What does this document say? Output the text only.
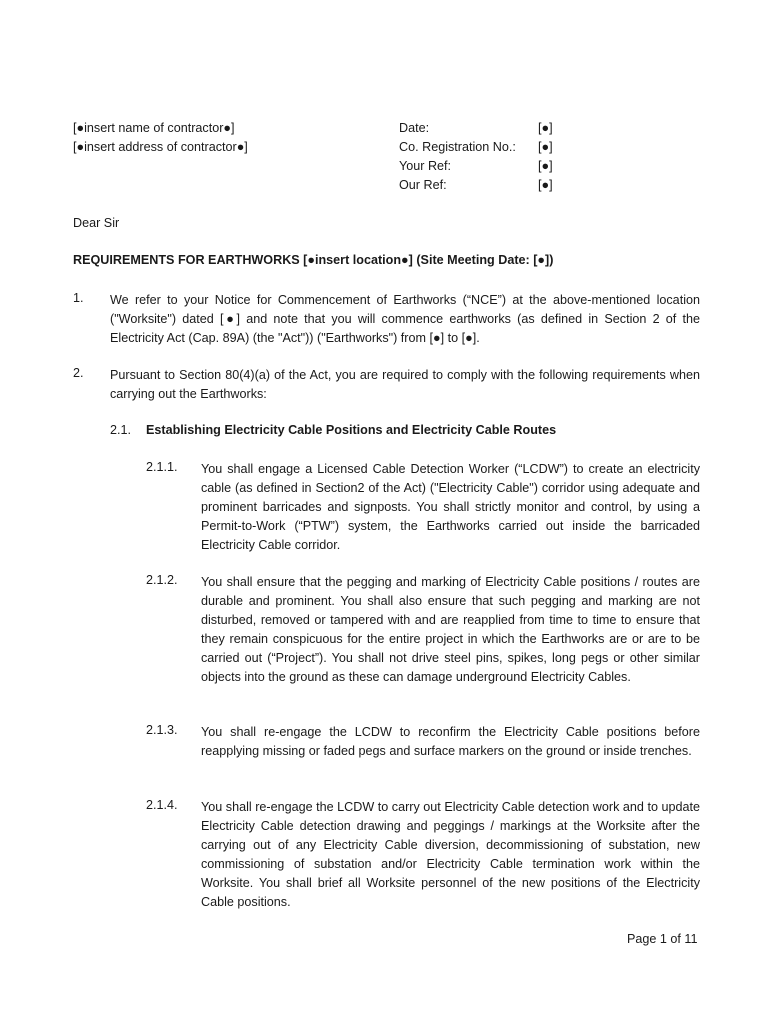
[●insert name of contractor●]
[●insert address of contractor●]
Date:	[●]
Co. Registration No.: [●]
Your Ref:	[●]
Our Ref:	[●]
Dear Sir
REQUIREMENTS FOR EARTHWORKS [●insert location●] (Site Meeting Date: [●])
1. We refer to your Notice for Commencement of Earthworks (“NCE”) at the above-mentioned location ("Worksite") dated [●] and note that you will commence earthworks (as defined in Section 2 of the Electricity Act (Cap. 89A) (the "Act")) ("Earthworks") from [●] to [●].
2. Pursuant to Section 80(4)(a) of the Act, you are required to comply with the following requirements when carrying out the Earthworks:
2.1. Establishing Electricity Cable Positions and Electricity Cable Routes
2.1.1. You shall engage a Licensed Cable Detection Worker (“LCDW”) to create an electricity cable (as defined in Section2 of the Act) ("Electricity Cable") corridor using adequate and prominent barricades and signposts. You shall strictly monitor and control, by using a Permit-to-Work (“PTW”) system, the Earthworks carried out inside the barricaded Electricity Cable corridor.
2.1.2. You shall ensure that the pegging and marking of Electricity Cable positions / routes are durable and prominent. You shall also ensure that such pegging and marking are not disturbed, removed or tampered with and are reapplied from time to time to ensure that they remain conspicuous for the entire project in which the Earthworks are or are to be carried out (“Project”). You shall not drive steel pins, spikes, long pegs or other similar objects into the ground as these can damage underground Electricity Cables.
2.1.3. You shall re-engage the LCDW to reconfirm the Electricity Cable positions before reapplying missing or faded pegs and surface markers on the ground or inside trenches.
2.1.4. You shall re-engage the LCDW to carry out Electricity Cable detection work and to update Electricity Cable detection drawing and peggings / markings at the Worksite after the carrying out of any Electricity Cable diversion, decommissioning of substation, new commissioning of substation and/or Electricity Cable termination work within the Worksite. You shall brief all Worksite personnel of the new positions of the Electricity Cable positions.
Page 1 of 11
